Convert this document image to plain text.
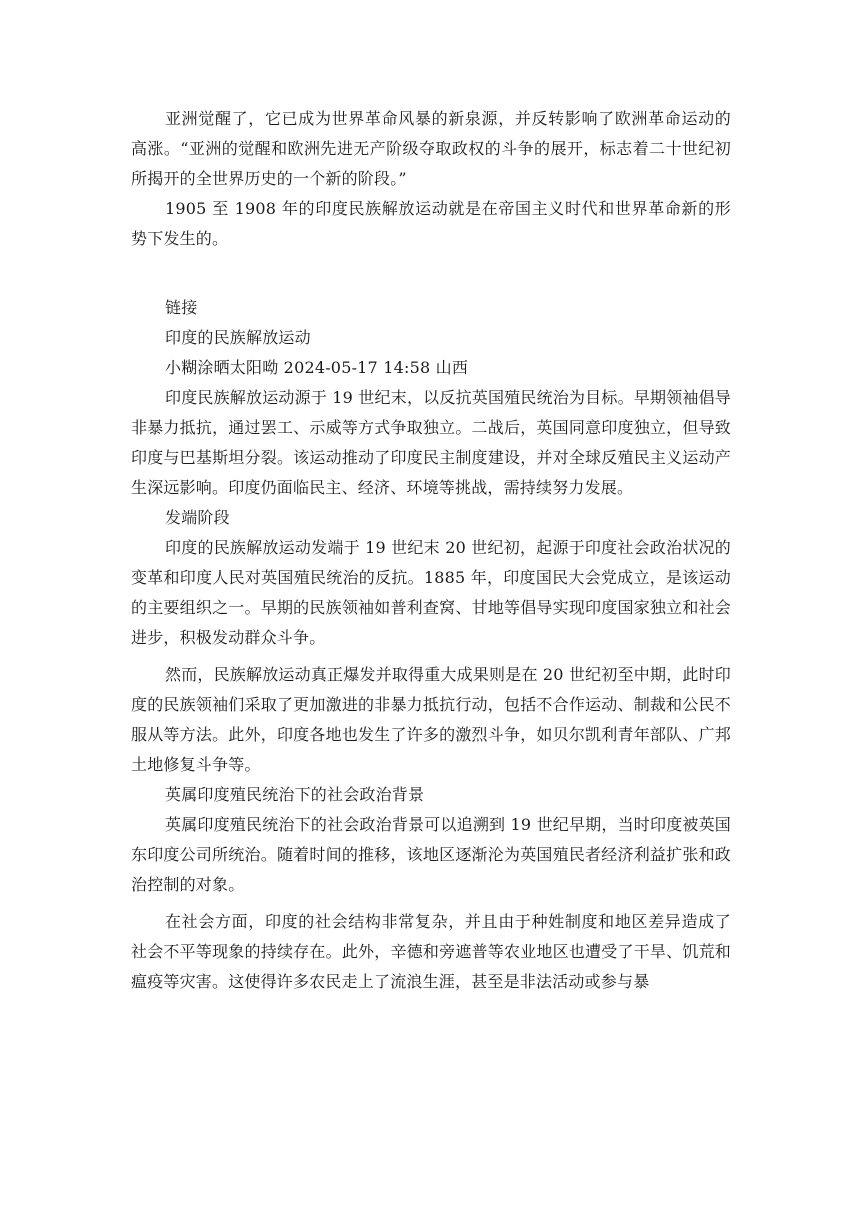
亚洲觉醒了，它已成为世界革命风暴的新泉源，并反转影响了欧洲革命运动的高涨。“亚洲的觉醒和欧洲先进无产阶级夺取政权的斗争的展开，标志着二十世纪初所揭开的全世界历史的一个新的阶段。”

1905 至 1908 年的印度民族解放运动就是在帝国主义时代和世界革命新的形势下发生的。

链接

印度的民族解放运动

小糊涂晒太阳呦 2024-05-17 14:58 山西

印度民族解放运动源于 19 世纪末，以反抗英国殖民统治为目标。早期领袖倡导非暴力抵抗，通过罢工、示威等方式争取独立。二战后，英国同意印度独立，但导致印度与巴基斯坦分裂。该运动推动了印度民主制度建设，并对全球反殖民主义运动产生深远影响。印度仍面临民主、经济、环境等挑战，需持续努力发展。

发端阶段

印度的民族解放运动发端于 19 世纪末 20 世纪初，起源于印度社会政治状况的变革和印度人民对英国殖民统治的反抗。1885 年，印度国民大会党成立，是该运动的主要组织之一。早期的民族领袖如普利查窝、甘地等倡导实现印度国家独立和社会进步，积极发动群众斗争。

然而，民族解放运动真正爆发并取得重大成果则是在 20 世纪初至中期，此时印度的民族领袖们采取了更加激进的非暴力抵抗行动，包括不合作运动、制裁和公民不服从等方法。此外，印度各地也发生了许多的激烈斗争，如贝尔凯利青年部队、广邦土地修复斗争等。

英属印度殖民统治下的社会政治背景

英属印度殖民统治下的社会政治背景可以追溯到 19 世纪早期，当时印度被英国东印度公司所统治。随着时间的推移，该地区逐渐沦为英国殖民者经济利益扩张和政治控制的对象。

在社会方面，印度的社会结构非常复杂，并且由于种姓制度和地区差异造成了社会不平等现象的持续存在。此外，辛德和旁遮普等农业地区也遭受了干旱、饥荒和瘟疫等灾害。这使得许多农民走上了流浪生涯，甚至是非法活动或参与暴
